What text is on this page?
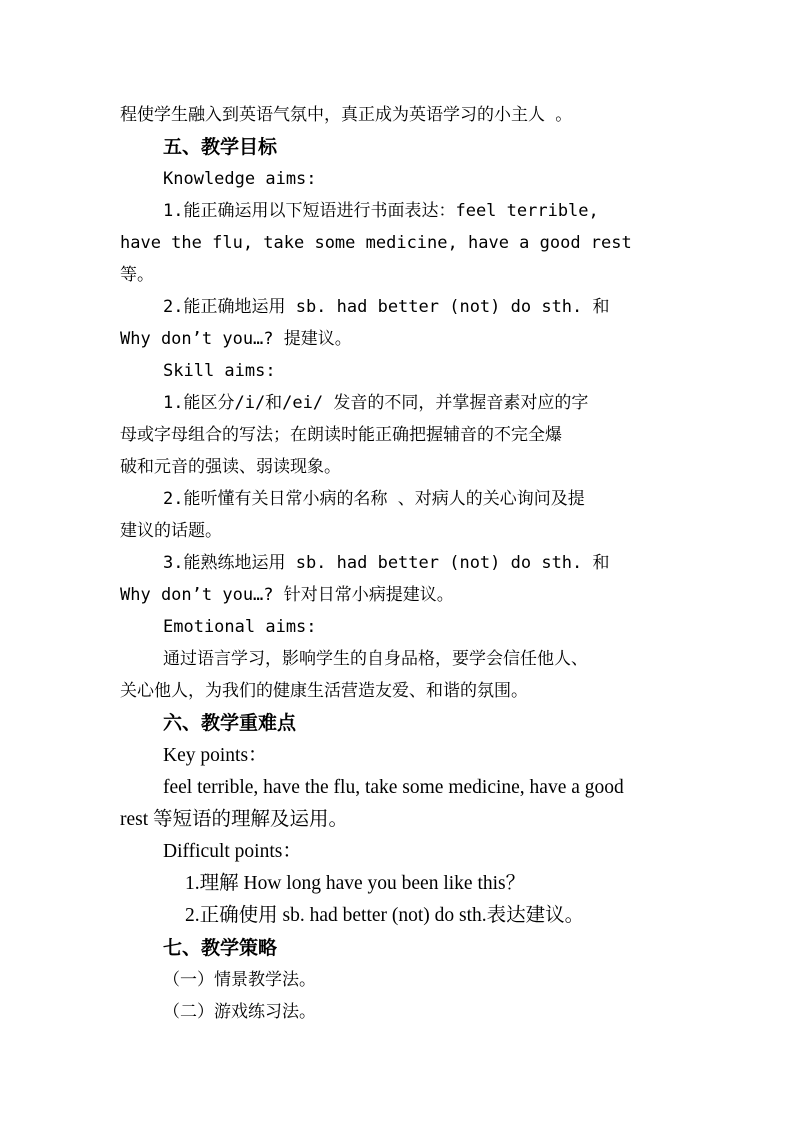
程使学生融入到英语气氛中，真正成为英语学习的小主人 。
五、教学目标
Knowledge aims:
1.能正确运用以下短语进行书面表达：feel terrible,
have the flu, take some medicine, have a good rest
等。
2.能正确地运用 sb. had better (not) do sth. 和
Why don’t you…? 提建议。
Skill aims:
1.能区分/i/和/ei/ 发音的不同，并掌握音素对应的字
母或字母组合的写法；在朗读时能正确把握辅音的不完全爆
破和元音的强读、弱读现象。
2.能听懂有关日常小病的名称 、对病人的关心询问及提
建议的话题。
3.能熟练地运用 sb. had better (not) do sth. 和
Why don’t you…? 针对日常小病提建议。
Emotional aims:
通过语言学习，影响学生的自身品格，要学会信任他人、
关心他人，为我们的健康生活营造友爱、和谐的氛围。
六、教学重难点
Key points：
feel terrible, have the flu, take some medicine, have a good
rest 等短语的理解及运用。
Difficult points：
1.理解 How long have you been like this？
2.正确使用 sb. had better (not) do sth.表达建议。
七、教学策略
（一）情景教学法。
（二）游戏练习法。
